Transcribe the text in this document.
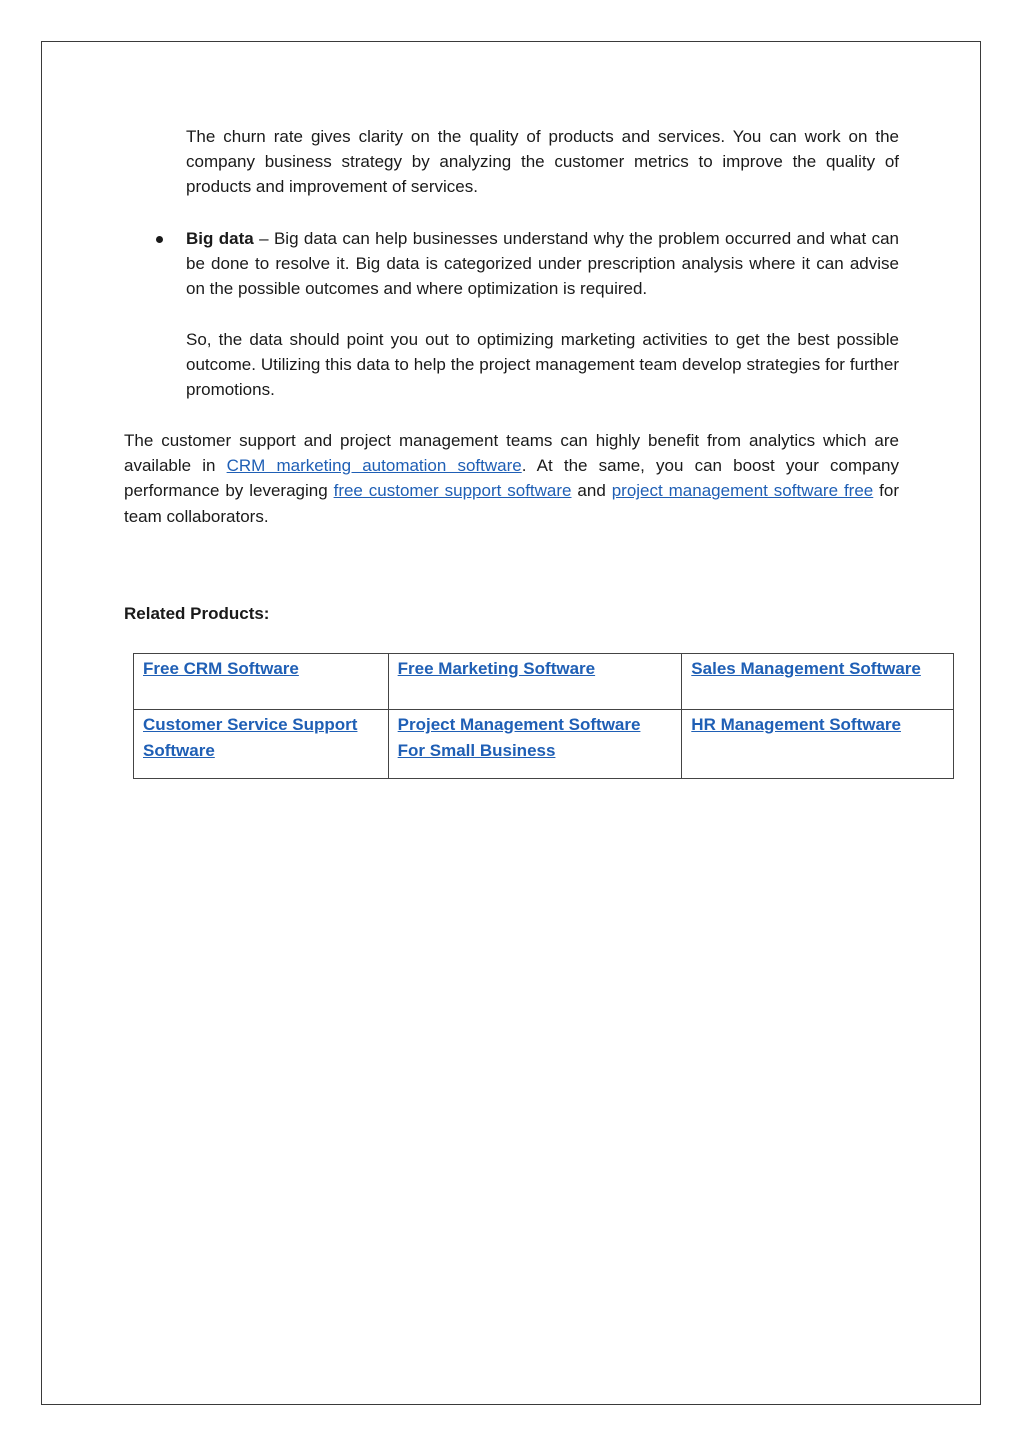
The churn rate gives clarity on the quality of products and services. You can work on the company business strategy by analyzing the customer metrics to improve the quality of products and improvement of services.

Big data – Big data can help businesses understand why the problem occurred and what can be done to resolve it. Big data is categorized under prescription analysis where it can advise on the possible outcomes and where optimization is required.

So, the data should point you out to optimizing marketing activities to get the best possible outcome. Utilizing this data to help the project management team develop strategies for further promotions.

The customer support and project management teams can highly benefit from analytics which are available in CRM marketing automation software. At the same, you can boost your company performance by leveraging free customer support software and project management software free for team collaborators.

Related Products:
Free CRM Software	Free Marketing Software	Sales Management Software
Customer Service Support Software	Project Management Software For Small Business	HR Management Software
